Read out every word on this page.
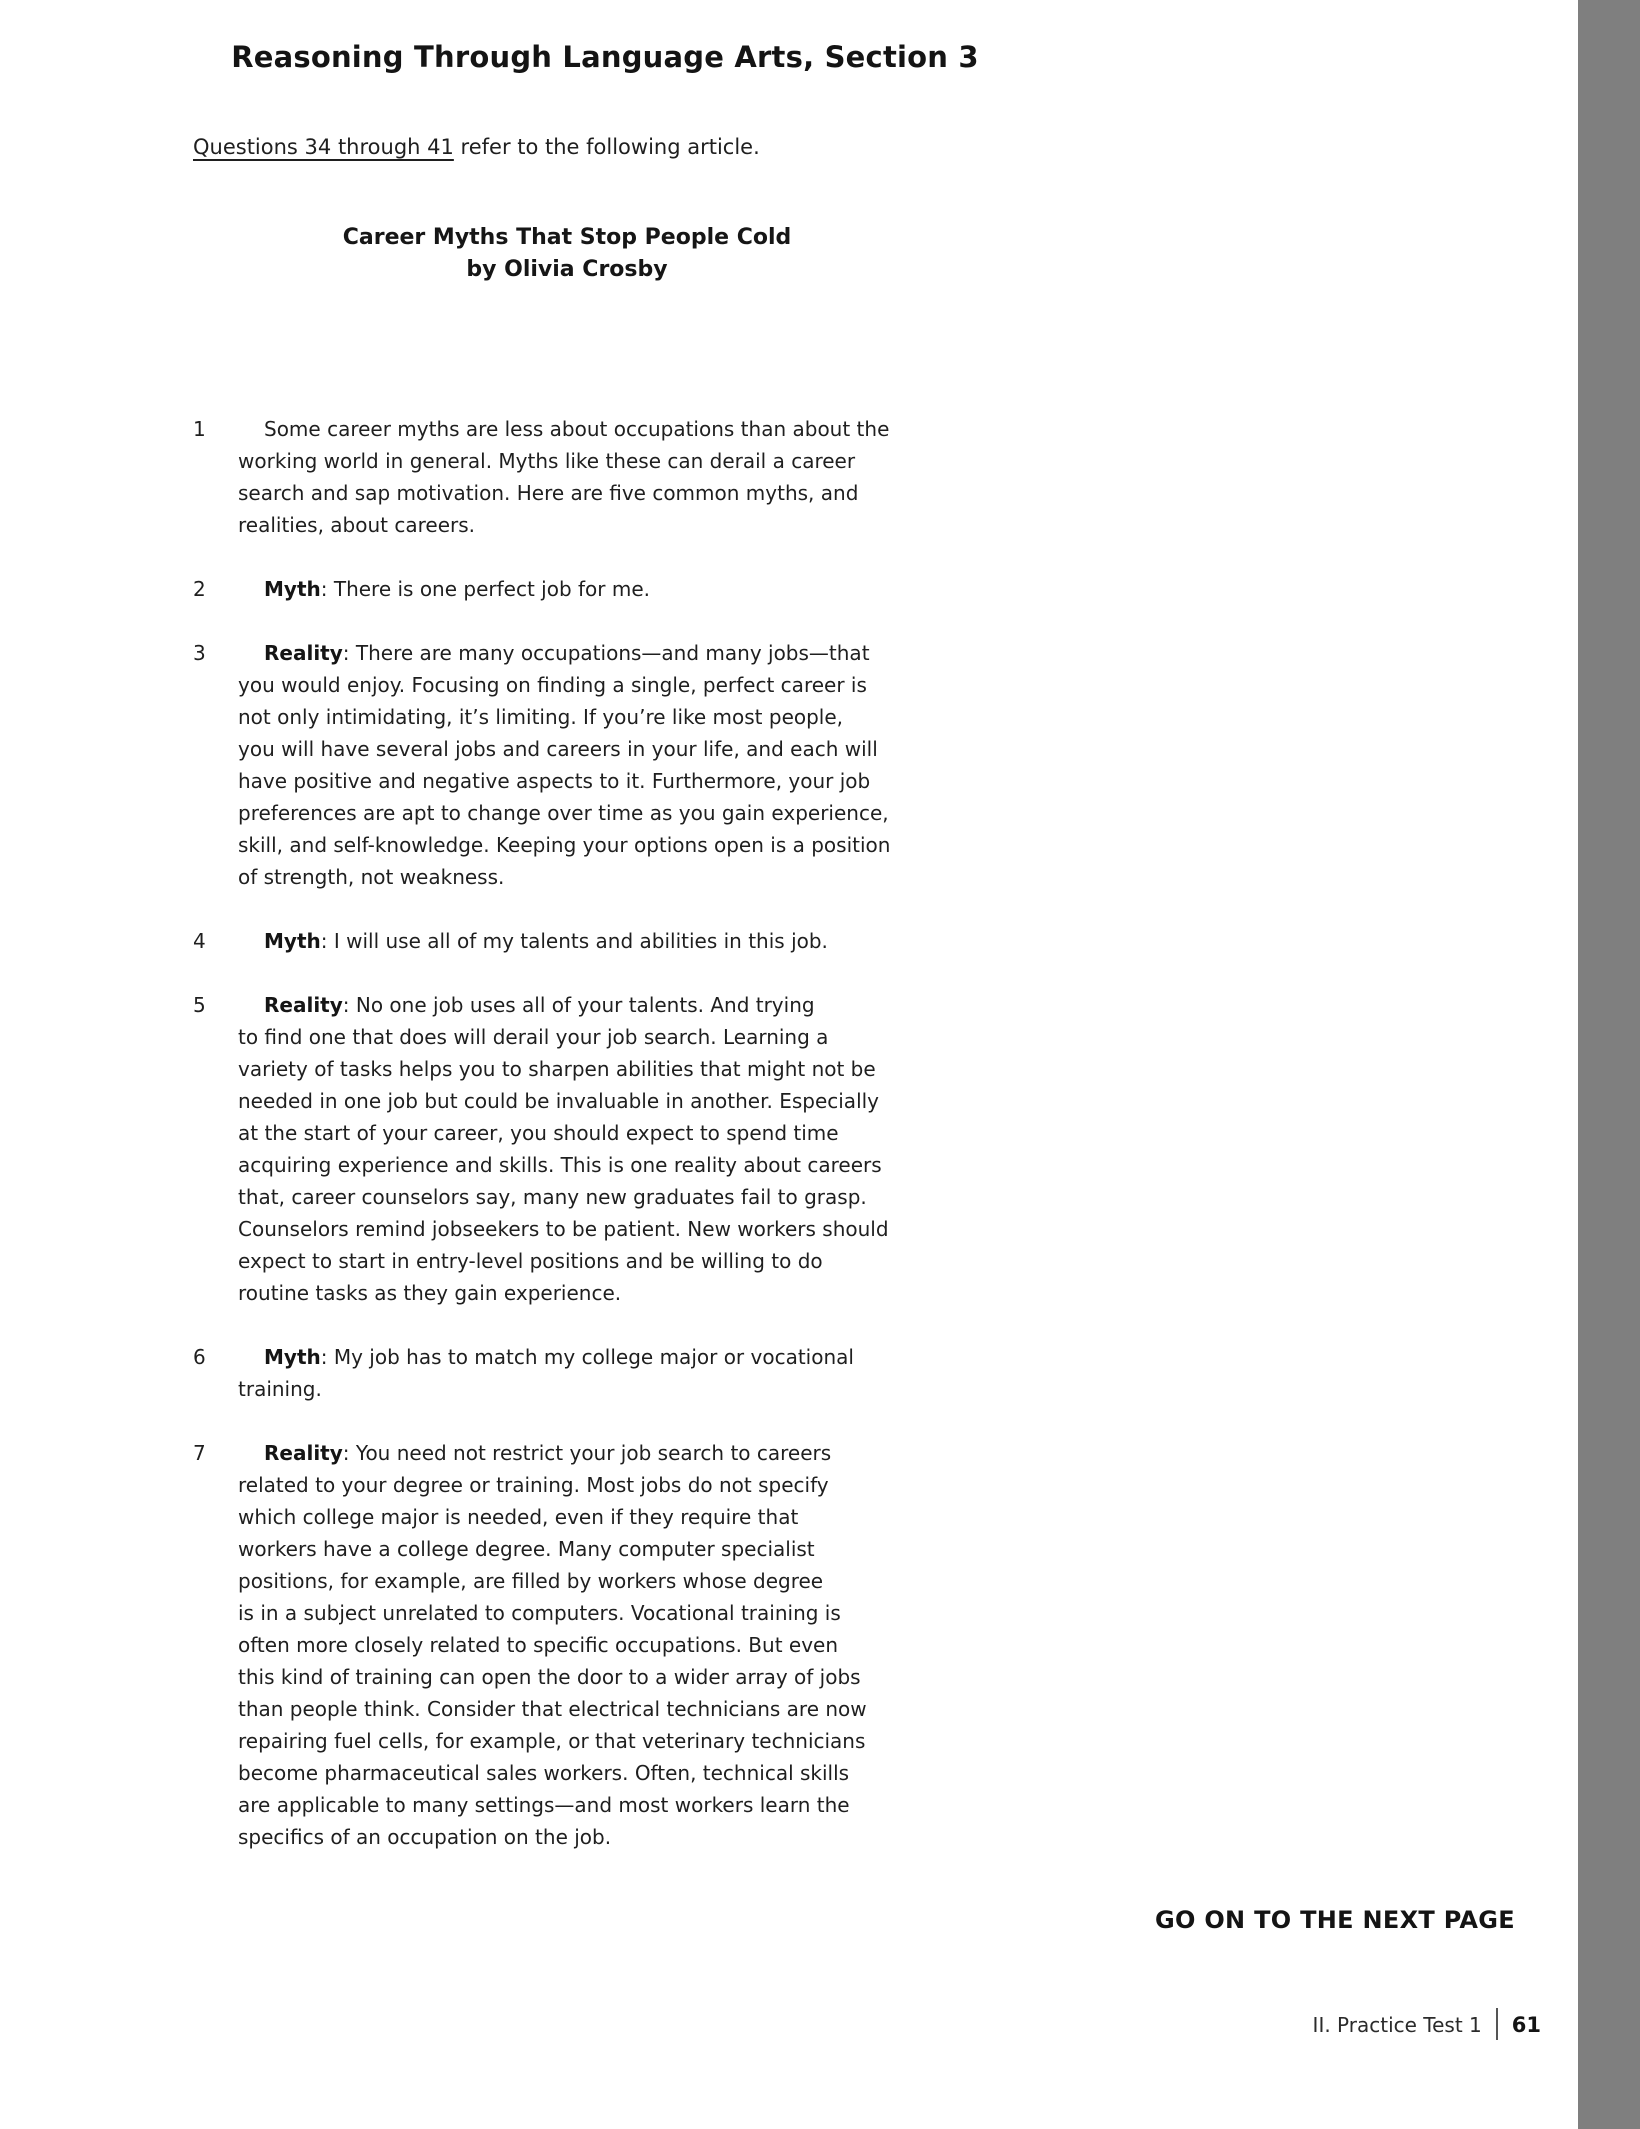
Reasoning Through Language Arts, Section 3

Questions 34 through 41 refer to the following article.

Career Myths That Stop People Cold
by Olivia Crosby
1	Some career myths are less about occupations than about the
working world in general. Myths like these can derail a career
search and sap motivation. Here are five common myths, and
realities, about careers.
2	Myth: There is one perfect job for me.
3	Reality: There are many occupations—and many jobs—that
you would enjoy. Focusing on finding a single, perfect career is
not only intimidating, it’s limiting. If you’re like most people,
you will have several jobs and careers in your life, and each will
have positive and negative aspects to it. Furthermore, your job
preferences are apt to change over time as you gain experience,
skill, and self-knowledge. Keeping your options open is a position
of strength, not weakness.
4	Myth: I will use all of my talents and abilities in this job.
5	Reality: No one job uses all of your talents. And trying
to find one that does will derail your job search. Learning a
variety of tasks helps you to sharpen abilities that might not be
needed in one job but could be invaluable in another. Especially
at the start of your career, you should expect to spend time
acquiring experience and skills. This is one reality about careers
that, career counselors say, many new graduates fail to grasp.
Counselors remind jobseekers to be patient. New workers should
expect to start in entry-level positions and be willing to do
routine tasks as they gain experience.
6	Myth: My job has to match my college major or vocational
training.
7	Reality: You need not restrict your job search to careers
related to your degree or training. Most jobs do not specify
which college major is needed, even if they require that
workers have a college degree. Many computer specialist
positions, for example, are filled by workers whose degree
is in a subject unrelated to computers. Vocational training is
often more closely related to specific occupations. But even
this kind of training can open the door to a wider array of jobs
than people think. Consider that electrical technicians are now
repairing fuel cells, for example, or that veterinary technicians
become pharmaceutical sales workers. Often, technical skills
are applicable to many settings—and most workers learn the
specifics of an occupation on the job.
GO ON TO THE NEXT PAGE
II. Practice Test 1 61
